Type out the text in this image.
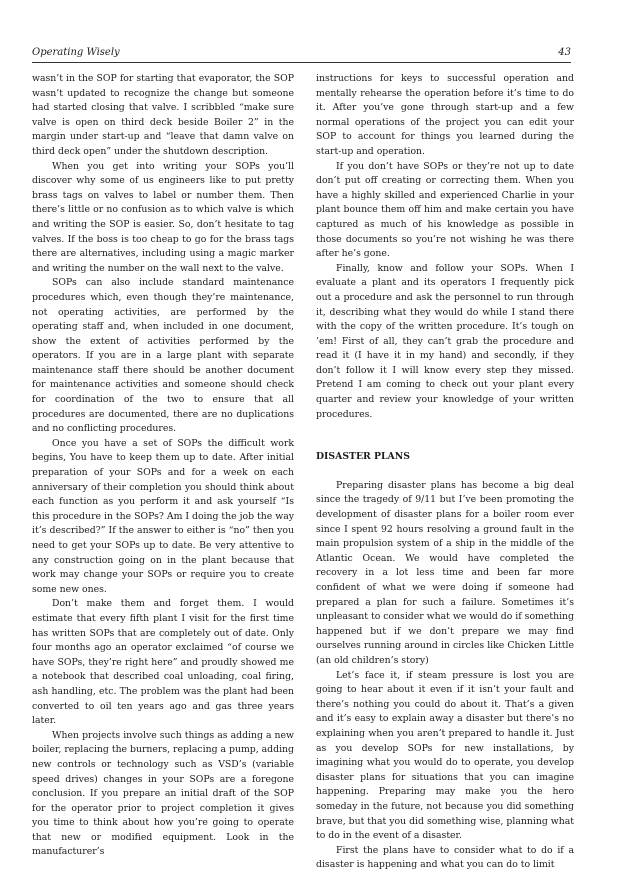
Operating Wisely	43

wasn’t in the SOP for starting that evaporator, the SOP wasn’t updated to recognize the change but someone had started closing that valve. I scribbled “make sure valve is open on third deck beside Boiler 2” in the margin under start-up and “leave that damn valve on third deck open” under the shutdown description.

When you get into writing your SOPs you’ll discover why some of us engineers like to put pretty brass tags on valves to label or number them. Then there’s little or no confusion as to which valve is which and writing the SOP is easier. So, don’t hesitate to tag valves. If the boss is too cheap to go for the brass tags there are alternatives, including using a magic marker and writing the number on the wall next to the valve.

SOPs can also include standard maintenance procedures which, even though they’re maintenance, not operating activities, are performed by the operating staff and, when included in one document, show the extent of activities performed by the operators. If you are in a large plant with separate maintenance staff there should be another document for maintenance activities and someone should check for coordination of the two to ensure that all procedures are documented, there are no duplications and no conflicting procedures.

Once you have a set of SOPs the difficult work begins, You have to keep them up to date. After initial preparation of your SOPs and for a week on each anniversary of their completion you should think about each function as you perform it and ask yourself “Is this procedure in the SOPs? Am I doing the job the way it’s described?” If the answer to either is “no” then you need to get your SOPs up to date. Be very attentive to any construction going on in the plant because that work may change your SOPs or require you to create some new ones.

Don’t make them and forget them. I would estimate that every fifth plant I visit for the first time has written SOPs that are completely out of date. Only four months ago an operator exclaimed “of course we have SOPs, they’re right here” and proudly showed me a notebook that described coal unloading, coal firing, ash handling, etc. The problem was the plant had been converted to oil ten years ago and gas three years later.

When projects involve such things as adding a new boiler, replacing the burners, replacing a pump, adding new controls or technology such as VSD’s (variable speed drives) changes in your SOPs are a foregone conclusion. If you prepare an initial draft of the SOP for the operator prior to project completion it gives you time to think about how you’re going to operate that new or modified equipment. Look in the manufacturer’s

instructions for keys to successful operation and mentally rehearse the operation before it’s time to do it. After you’ve gone through start-up and a few normal operations of the project you can edit your SOP to account for things you learned during the start-up and operation.

If you don’t have SOPs or they’re not up to date don’t put off creating or correcting them. When you have a highly skilled and experienced Charlie in your plant bounce them off him and make certain you have captured as much of his knowledge as possible in those documents so you’re not wishing he was there after he’s gone.

Finally, know and follow your SOPs. When I evaluate a plant and its operators I frequently pick out a procedure and ask the personnel to run through it, describing what they would do while I stand there with the copy of the written procedure. It’s tough on ’em! First of all, they can’t grab the procedure and read it (I have it in my hand) and secondly, if they don’t follow it I will know every step they missed. Pretend I am coming to check out your plant every quarter and review your knowledge of your written procedures.

DISASTER PLANS

Preparing disaster plans has become a big deal since the tragedy of 9/11 but I’ve been promoting the development of disaster plans for a boiler room ever since I spent 92 hours resolving a ground fault in the main propulsion system of a ship in the middle of the Atlantic Ocean. We would have completed the recovery in a lot less time and been far more confident of what we were doing if someone had prepared a plan for such a failure. Sometimes it’s unpleasant to consider what we would do if something happened but if we don’t prepare we may find ourselves running around in circles like Chicken Little (an old children’s story)

Let’s face it, if steam pressure is lost you are going to hear about it even if it isn’t your fault and there’s nothing you could do about it. That’s a given and it’s easy to explain away a disaster but there’s no explaining when you aren’t prepared to handle it. Just as you develop SOPs for new installations, by imagining what you would do to operate, you develop disaster plans for situations that you can imagine happening. Preparing may make you the hero someday in the future, not because you did something brave, but that you did something wise, planning what to do in the event of a disaster.

First the plans have to consider what to do if a disaster is happening and what you can do to limit
